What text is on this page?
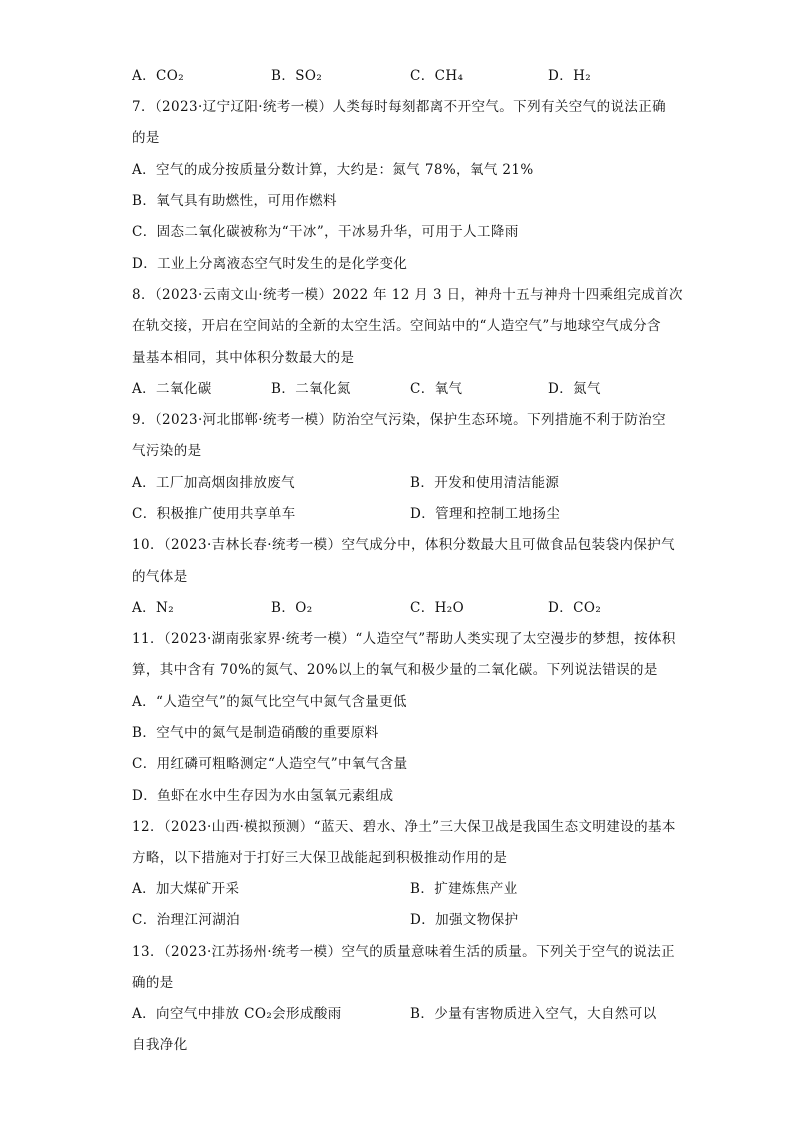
A．CO₂	B．SO₂	C．CH₄	D．H₂
7．（2023·辽宁辽阳·统考一模）人类每时每刻都离不开空气。下列有关空气的说法正确
的是
A．空气的成分按质量分数计算，大约是：氮气 78%，氧气 21%
B．氧气具有助燃性，可用作燃料
C．固态二氧化碳被称为“干冰”，干冰易升华，可用于人工降雨
D．工业上分离液态空气时发生的是化学变化
8．（2023·云南文山·统考一模）2022 年 12 月 3 日，神舟十五与神舟十四乘组完成首次
在轨交接，开启在空间站的全新的太空生活。空间站中的“人造空气”与地球空气成分含
量基本相同，其中体积分数最大的是
A．二氧化碳	B．二氧化氮	C．氧气	D．氮气
9．（2023·河北邯郸·统考一模）防治空气污染，保护生态环境。下列措施不利于防治空
气污染的是
A．工厂加高烟囱排放废气	B．开发和使用清洁能源
C．积极推广使用共享单车	D．管理和控制工地扬尘
10．（2023·吉林长春·统考一模）空气成分中，体积分数最大且可做食品包装袋内保护气
的气体是
A．N₂	B．O₂	C．H₂O	D．CO₂
11．（2023·湖南张家界·统考一模）“人造空气”帮助人类实现了太空漫步的梦想，按体积
算，其中含有 70%的氮气、20%以上的氧气和极少量的二氧化碳。下列说法错误的是
A．“人造空气”的氮气比空气中氮气含量更低
B．空气中的氮气是制造硝酸的重要原料
C．用红磷可粗略测定“人造空气”中氧气含量
D．鱼虾在水中生存因为水由氢氧元素组成
12．（2023·山西·模拟预测）“蓝天、碧水、净土”三大保卫战是我国生态文明建设的基本
方略，以下措施对于打好三大保卫战能起到积极推动作用的是
A．加大煤矿开采	B．扩建炼焦产业
C．治理江河湖泊	D．加强文物保护
13．（2023·江苏扬州·统考一模）空气的质量意味着生活的质量。下列关于空气的说法正
确的是
A．向空气中排放 CO₂会形成酸雨	B．少量有害物质进入空气，大自然可以
自我净化
